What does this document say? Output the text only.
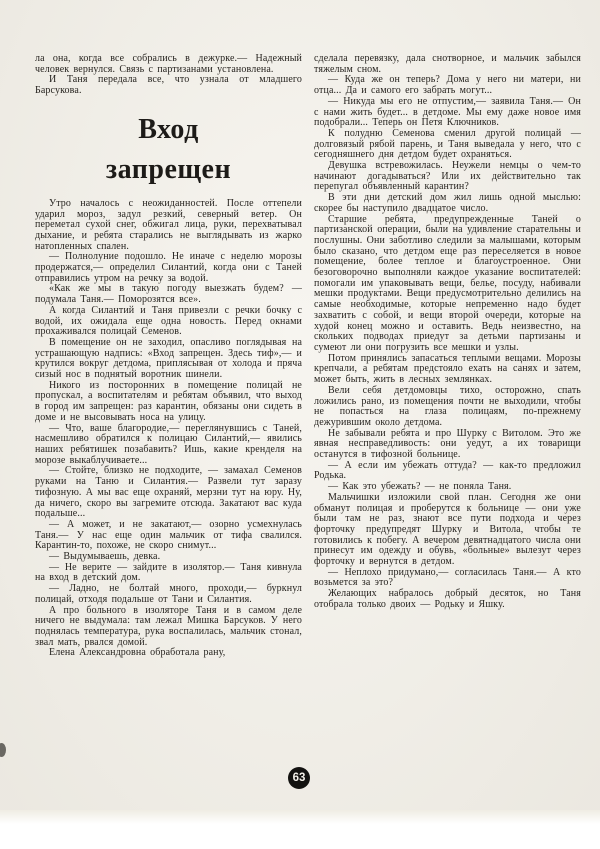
ла она, когда все собрались в дежурке.— Надежный человек вернулся. Связь с партизанами установлена.

И Таня передала все, что узнала от младшего Барсукова.

Вход
запрещен

Утро началось с неожиданностей. После оттепели ударил мороз, задул резкий, северный ветер. Он переметал сухой снег, обжигал лица, руки, перехватывал дыхание, и ребята старались не выглядывать из жарко натопленных спален.

— Полнолуние подошло. Не иначе с неделю морозы продержатся,— определил Силантий, когда они с Таней отправились утром на речку за водой.

«Как же мы в такую погоду выезжать будем? — подумала Таня.— Поморозятся все».

А когда Силантий и Таня привезли с речки бочку с водой, их ожидала еще одна новость. Перед окнами прохаживался полицай Семенов.

В помещение он не заходил, опасливо поглядывая на устрашающую надпись: «Вход запрещен. Здесь тиф»,— и крутился вокруг детдома, приплясывая от холода и пряча сизый нос в поднятый воротник шинели.

Никого из посторонних в помещение полицай не пропускал, а воспитателям и ребятам объявил, что выход в город им запрещен: раз карантин, обязаны они сидеть в доме и не высовывать носа на улицу.

— Что, ваше благородие,— переглянувшись с Таней, насмешливо обратился к полицаю Силантий,— явились наших ребятишек позабавить? Ишь, какие кренделя на морозе выкаблучиваете...

— Стойте, близко не подходите, — замахал Семенов руками на Таню и Силантия.— Развели тут заразу тифозную. А мы вас еще охраняй, мерзни тут на юру. Ну, да ничего, скоро вы загремите отсюда. Закатают вас куда подальше...

— А может, и не закатают,— озорно усмехнулась Таня.— У нас еще один мальчик от тифа свалился. Карантин-то, похоже, не скоро снимут...

— Выдумываешь, девка.

— Не верите — зайдите в изолятор.— Таня кивнула на вход в детский дом.

— Ладно, не болтай много, проходи,— буркнул полицай, отходя подальше от Тани и Силантия.

А про больного в изоляторе Таня и в самом деле ничего не выдумала: там лежал Мишка Барсуков. У него поднялась температура, рука воспалилась, мальчик стонал, звал мать, рвался домой.

Елена Александровна обработала рану,

сделала перевязку, дала снотворное, и мальчик забылся тяжелым сном.

— Куда же он теперь? Дома у него ни матери, ни отца... Да и самого его забрать могут...

— Никуда мы его не отпустим,— заявила Таня.— Он с нами жить будет... в детдоме. Мы ему даже новое имя подобрали... Теперь он Петя Ключников.

К полудню Семенова сменил другой полицай — долговязый рябой парень, и Таня выведала у него, что с сегодняшнего дня детдом будет охраняться.

Девушка встревожилась. Неужели немцы о чем-то начинают догадываться? Или их действительно так перепугал объявленный карантин?

В эти дни детский дом жил лишь одной мыслью: скорее бы наступило двадцатое число.

Старшие ребята, предупрежденные Таней о партизанской операции, были на удивление старательны и послушны. Они заботливо следили за малышами, которым было сказано, что детдом еще раз переселяется в новое помещение, более теплое и благоустроенное. Они безоговорочно выполняли каждое указание воспитателей: помогали им упаковывать вещи, белье, посуду, набивали мешки продуктами. Вещи предусмотрительно делились на самые необходимые, которые непременно надо будет захватить с собой, и вещи второй очереди, которые на худой конец можно и оставить. Ведь неизвестно, на скольких подводах приедут за детьми партизаны и сумеют ли они погрузить все мешки и узлы.

Потом принялись запасаться теплыми вещами. Морозы крепчали, а ребятам предстояло ехать на санях и затем, может быть, жить в лесных землянках.

Вели себя детдомовцы тихо, осторожно, спать ложились рано, из помещения почти не выходили, чтобы не попасться на глаза полицаям, по-прежнему дежурившим около детдома.

Не забывали ребята и про Шурку с Витолом. Это же явная несправедливость: они уедут, а их товарищи останутся в тифозной больнице.

— А если им убежать оттуда? — как-то предложил Родька.

— Как это убежать? — не поняла Таня.

Мальчишки изложили свой план. Сегодня же они обманут полицая и проберутся к больнице — они уже были там не раз, знают все пути подхода и через форточку предупредят Шурку и Витола, чтобы те готовились к побегу. А вечером девятнадцатого числа они принесут им одежду и обувь, «больные» вылезут через форточку и вернутся в детдом.

— Неплохо придумано,— согласилась Таня.— А кто возьмется за это?

Желающих набралось добрый десяток, но Таня отобрала только двоих — Родьку и Яшку.

63
